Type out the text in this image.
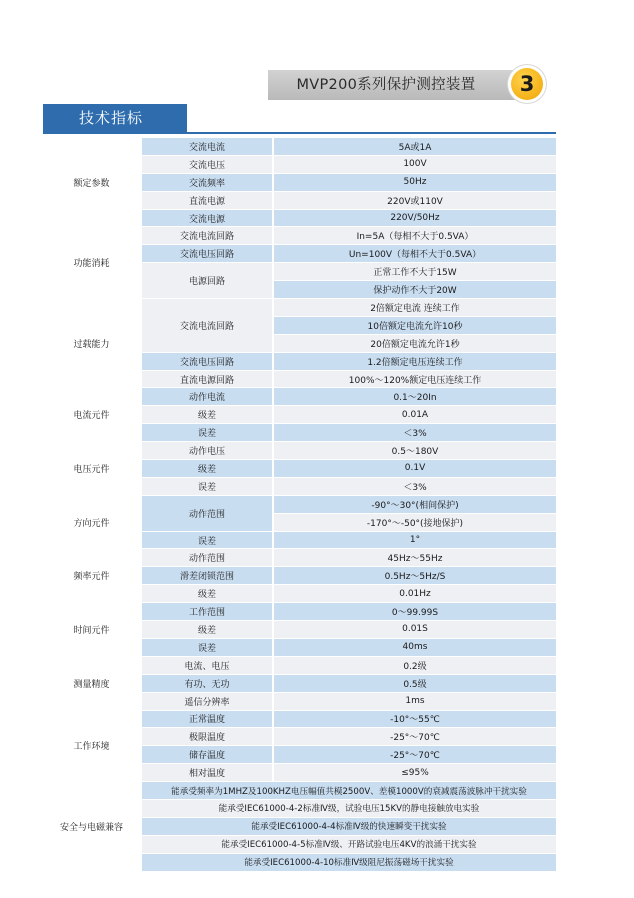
MVP200系列保护测控装置	3
技术指标
额定参数	交流电流	5A或1A
	交流电压	100V
	交流频率	50Hz
	直流电源	220V或110V
	交流电源	220V/50Hz
功能消耗	交流电流回路	In=5A（每相不大于0.5VA）
	交流电压回路	Un=100V（每相不大于0.5VA）
	电源回路	正常工作不大于15W
		保护动作不大于20W
过载能力	交流电流回路	2倍额定电流 连续工作
		10倍额定电流允许10秒
		20倍额定电流允许1秒
	交流电压回路	1.2倍额定电压连续工作
	直流电源回路	100%～120%额定电压连续工作
电流元件	动作电流	0.1～20In
	级差	0.01A
	误差	＜3%
电压元件	动作电压	0.5～180V
	级差	0.1V
	误差	＜3%
方向元件	动作范围	-90°～30°(相间保护)
		-170°～-50°(接地保护)
	误差	1°
频率元件	动作范围	45Hz～55Hz
	滑差闭锁范围	0.5Hz～5Hz/S
	级差	0.01Hz
时间元件	工作范围	0～99.99S
	级差	0.01S
	误差	40ms
测量精度	电流、电压	0.2级
	有功、无功	0.5级
	遥信分辨率	1ms
工作环境	正常温度	-10°～55℃
	极限温度	-25°～70℃
	储存温度	-25°～70℃
	相对温度	≤95%
安全与电磁兼容	能承受频率为1MHZ及100KHZ电压幅值共模2500V、差模1000V的衰减震荡波脉冲干扰实验	
	能承受IEC61000-4-2标准Ⅳ级，试验电压15KV的静电接触放电实验	
	能承受IEC61000-4-4标准Ⅳ级的快速瞬变干扰实验	
	能承受IEC61000-4-5标准Ⅳ级、开路试验电压4KV的浪涌干扰实验	
	能承受IEC61000-4-10标准Ⅳ级阻尼振荡磁场干扰实验	
